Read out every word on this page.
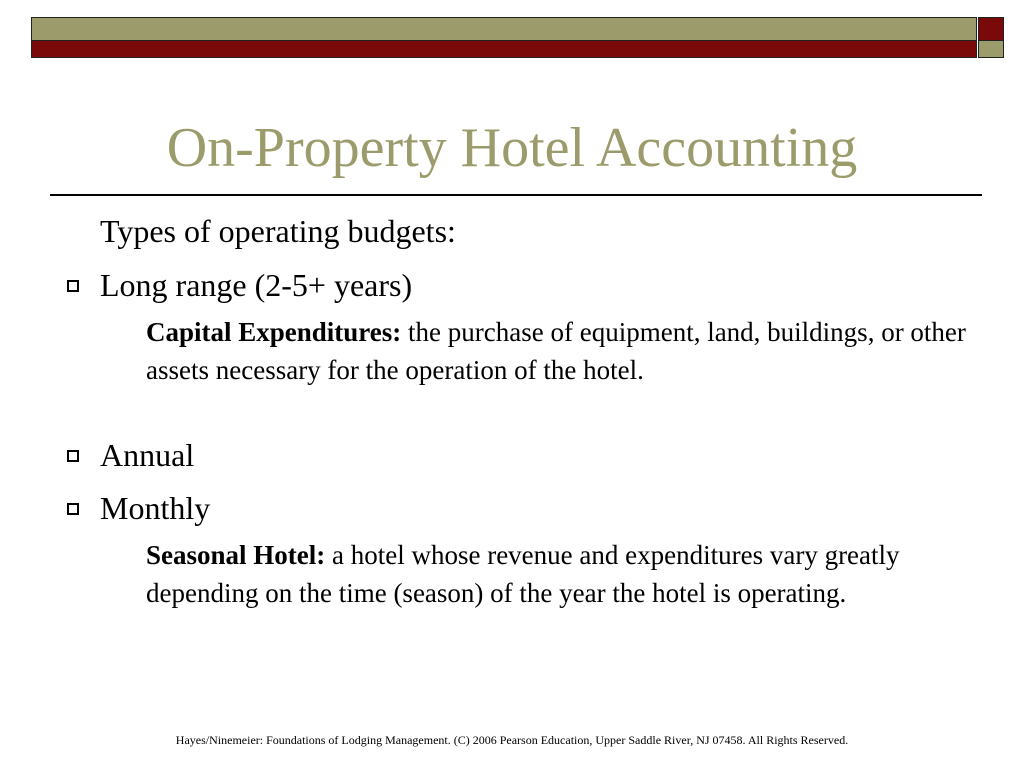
On-Property Hotel Accounting
Types of operating budgets:
Long range (2-5+ years)
Capital Expenditures: the purchase of equipment, land, buildings, or other assets necessary for the operation of the hotel.
Annual
Monthly
Seasonal Hotel: a hotel whose revenue and expenditures vary greatly depending on the time (season) of the year the hotel is operating.
Hayes/Ninemeier: Foundations of Lodging Management. (C) 2006 Pearson Education, Upper Saddle River, NJ 07458. All Rights Reserved.
